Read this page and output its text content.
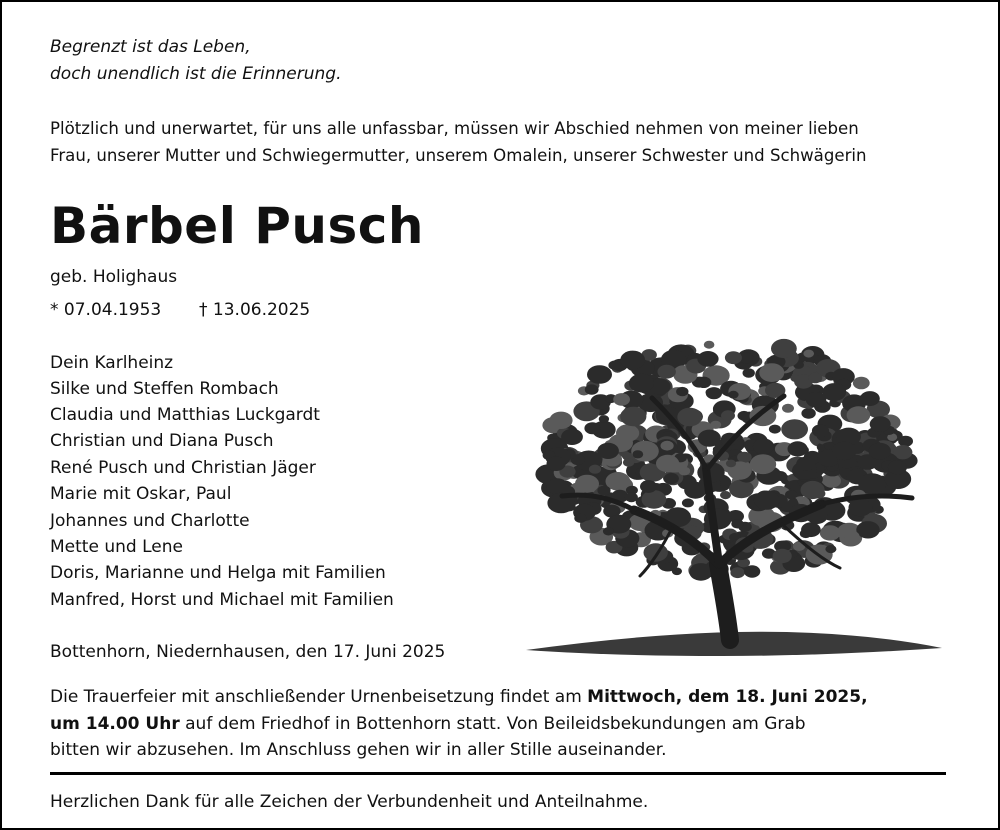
Begrenzt ist das Leben,
doch unendlich ist die Erinnerung.
Plötzlich und unerwartet, für uns alle unfassbar, müssen wir Abschied nehmen von meiner lieben
Frau, unserer Mutter und Schwiegermutter, unserem Omalein, unserer Schwester und Schwägerin
Bärbel Pusch
geb. Holighaus
* 07.04.1953 † 13.06.2025
Dein Karlheinz
Silke und Steffen Rombach
Claudia und Matthias Luckgardt
Christian und Diana Pusch
René Pusch und Christian Jäger
Marie mit Oskar, Paul
Johannes und Charlotte
Mette und Lene
Doris, Marianne und Helga mit Familien
Manfred, Horst und Michael mit Familien
Bottenhorn, Niedernhausen, den 17. Juni 2025
Die Trauerfeier mit anschließender Urnenbeisetzung findet am Mittwoch, dem 18. Juni 2025,
um 14.00 Uhr auf dem Friedhof in Bottenhorn statt. Von Beileidsbekundungen am Grab
bitten wir abzusehen. Im Anschluss gehen wir in aller Stille auseinander.
Herzlichen Dank für alle Zeichen der Verbundenheit und Anteilnahme.
